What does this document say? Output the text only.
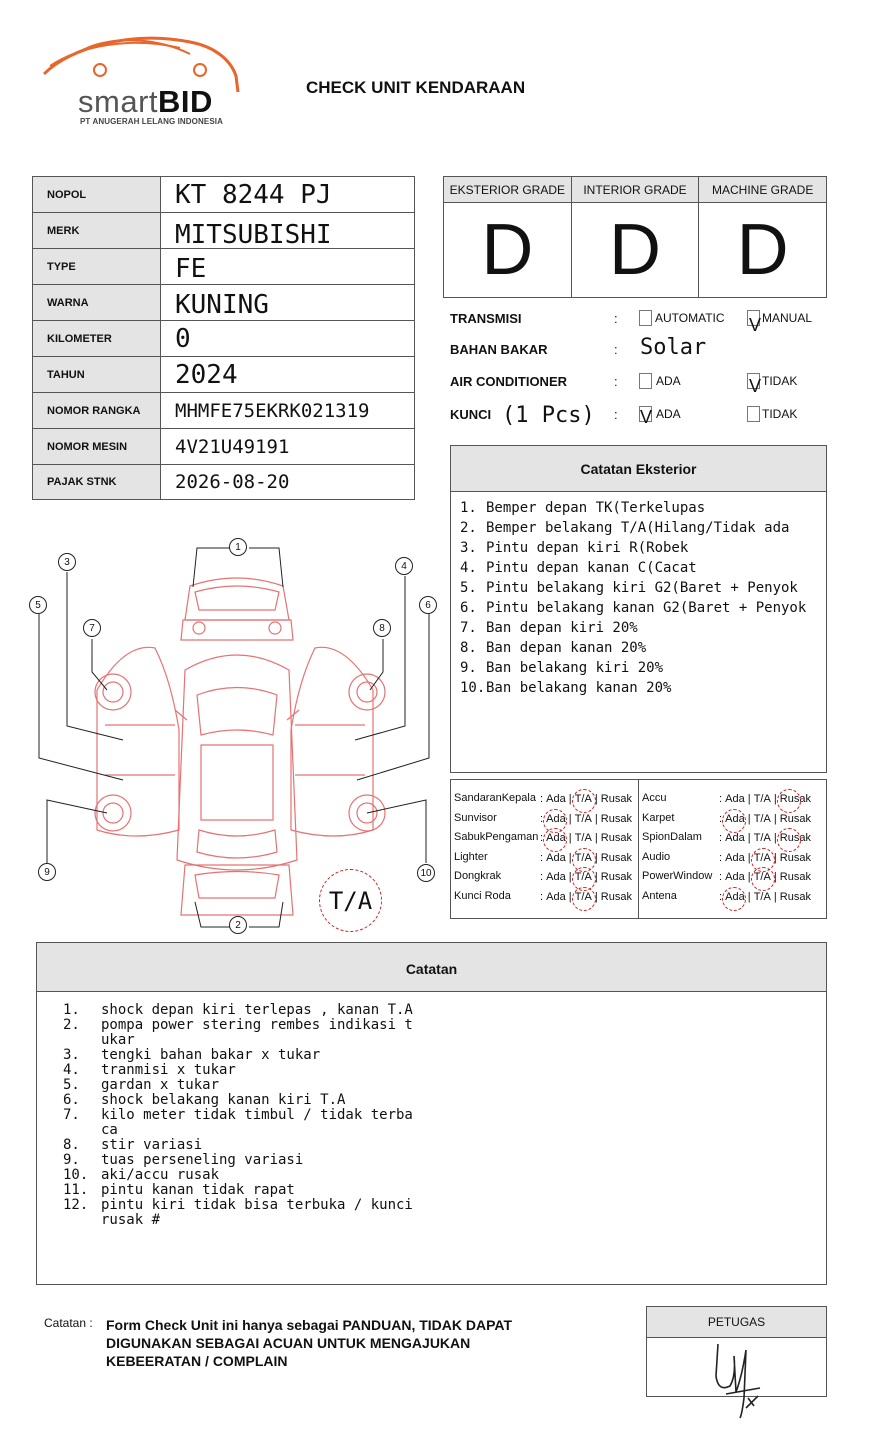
smartBID
PT ANUGERAH LELANG INDONESIA
CHECK UNIT KENDARAAN
NOPOL	KT 8244 PJ
MERK	MITSUBISHI
TYPE	FE
WARNA	KUNING
KILOMETER	0
TAHUN	2024
NOMOR RANGKA	MHMFE75EKRK021319
NOMOR MESIN	4V21U49191
PAJAK STNK	2026-08-20
EKSTERIOR GRADE
D
INTERIOR GRADE
D
MACHINE GRADE
D
TRANSMISI	:	AUTOMATIC V MANUAL
BAHAN BAKAR	: Solar
AIR CONDITIONER	:	ADA	V TIDAK
KUNCI (1 Pcs) : V ADA	TIDAK
Catatan Eksterior
1. Bemper depan TK(Terkelupas
2. Bemper belakang T/A(Hilang/Tidak ada
3. Pintu depan kiri R(Robek
4. Pintu depan kanan C(Cacat
5. Pintu belakang kiri G2(Baret + Penyok
6. Pintu belakang kanan G2(Baret + Penyok
7. Ban depan kiri 20%
8. Ban depan kanan 20%
9. Ban belakang kiri 20%
10. Ban belakang kanan 20%
SandaranKepala : Ada | T/A | Rusak
Sunvisor	: Ada | T/A | Rusak
SabukPengaman : Ada | T/A | Rusak
Lighter	: Ada | T/A | Rusak
Dongkrak	: Ada | T/A | Rusak
Kunci Roda	: Ada | T/A | Rusak
Accu	: Ada | T/A | Rusak
Karpet	: Ada | T/A | Rusak
SpionDalam : Ada | T/A | Rusak
Audio	: Ada | T/A | Rusak
PowerWindow : Ada | T/A | Rusak
Antena	: Ada | T/A | Rusak
1
2
3	4
5	6
7	8
9	10
T/A
Catatan
1.	shock depan kiri terlepas , kanan T.A
2.	pompa power stering rembes indikasi tukar
3.	tengki bahan bakar x tukar
4.	tranmisi x tukar
5.	gardan x tukar
6.	shock belakang kanan kiri T.A
7.	kilo meter tidak timbul / tidak terbaca
8.	stir variasi
9.	tuas perseneling variasi
10. aki/accu rusak
11. pintu kanan tidak rapat
12. pintu kiri tidak bisa terbuka / kunci rusak #
Catatan : Form Check Unit ini hanya sebagai PANDUAN, TIDAK DAPAT DIGUNAKAN SEBAGAI ACUAN UNTUK MENGAJUKAN KEBEERATAN / COMPLAIN
PETUGAS
